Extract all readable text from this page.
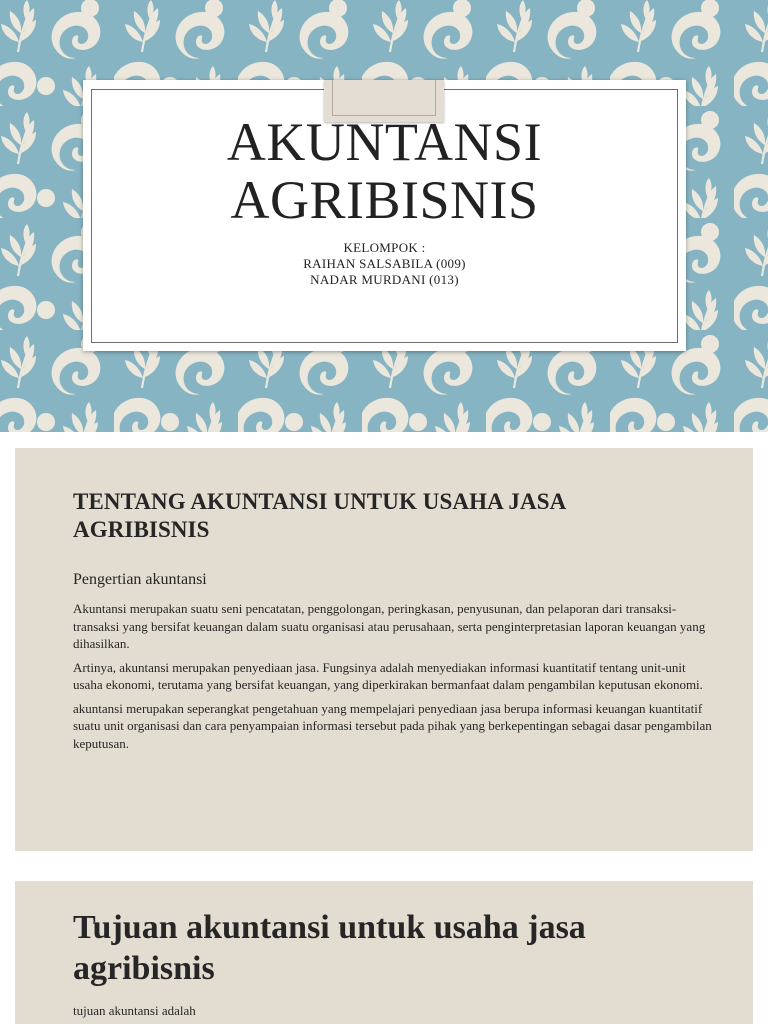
AKUNTANSI
AGRIBISNIS
KELOMPOK :
RAIHAN SALSABILA (009)
NADAR MURDANI (013)
TENTANG AKUNTANSI UNTUK USAHA JASA AGRIBISNIS
Pengertian akuntansi

Akuntansi merupakan suatu seni pencatatan, penggolongan, peringkasan, penyusunan, dan pelaporan dari transaksi-transaksi yang bersifat keuangan dalam suatu organisasi atau perusahaan, serta penginterpretasian laporan keuangan yang dihasilkan.

Artinya, akuntansi merupakan penyediaan jasa. Fungsinya adalah menyediakan informasi kuantitatif tentang unit-unit usaha ekonomi, terutama yang bersifat keuangan, yang diperkirakan bermanfaat dalam pengambilan keputusan ekonomi.

akuntansi merupakan seperangkat pengetahuan yang mempelajari penyediaan jasa berupa informasi keuangan kuantitatif suatu unit organisasi dan cara penyampaian informasi tersebut pada pihak yang berkepentingan sebagai dasar pengambilan keputusan.

Tujuan akuntansi untuk usaha jasa agribisnis
tujuan akuntansi adalah
